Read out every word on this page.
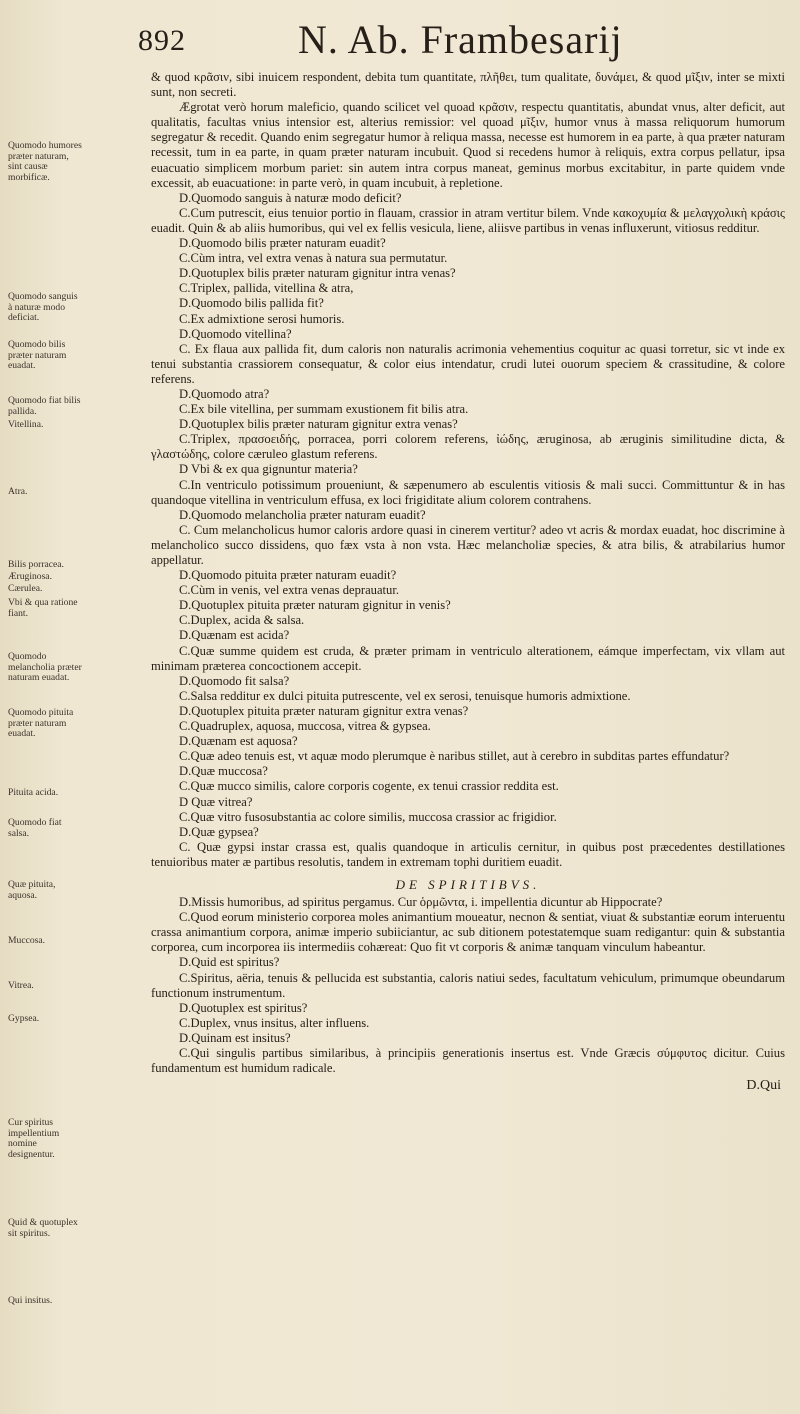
892	N. Ab. Frambesarij
Quomodo humores præter naturam, sint causæ morbificæ.
Quomodo sanguis à naturæ modo deficiat.
Quomodo bilis præter naturam euadat.
Quomodo fiat bilis pallida.
Vitellina.
Atra.
Bilis porracea.
Æruginosa.
Cærulea.
Vbi & qua ratione fiant.
Quomodo melancholia præter naturam euadat.
Quomodo pituita præter naturam euadat.
Pituita acida.
Quomodo fiat salsa.
Quæ pituita, aquosa.
Muccosa.
Vitrea.
Gypsea.
Cur spiritus impellentium nomine designentur.
Quid & quotuplex sit spiritus.
Qui insitus.

& quod κρᾶσιν, sibi inuicem respondent, debita tum quantitate, πλῆθει, tum qualitate, δυνάμει, & quod μῖξιν, inter se mixti sunt, non secreti.

Ægrotat verò horum maleficio, quando scilicet vel quoad κρᾶσιν, respectu quantitatis, abundat vnus, alter deficit, aut qualitatis, facultas vnius intensior est, alterius remissior: vel quoad μῖξιν, humor vnus à massa reliquorum humorum segregatur & recedit. Quando enim segregatur humor à reliqua massa, necesse est humorem in ea parte, à qua præter naturam recessit, tum in ea parte, in quam præter naturam incubuit. Quod si recedens humor à reliquis, extra corpus pellatur, ipsa euacuatio simplicem morbum pariet: sin autem intra corpus maneat, geminus morbus excitabitur, in parte quidem vnde excessit, ab euacuatione: in parte verò, in quam incubuit, à repletione.

D.Quomodo sanguis à naturæ modo deficit?

C.Cum putrescit, eius tenuior portio in flauam, crassior in atram vertitur bilem. Vnde κακοχυμία & μελαγχολικὴ κράσις euadit. Quin & ab aliis humoribus, qui vel ex fellis vesicula, liene, aliisve partibus in venas influxerunt, vitiosus redditur.

D.Quomodo bilis præter naturam euadit?

C.Cùm intra, vel extra venas à natura sua permutatur.

D.Quotuplex bilis præter naturam gignitur intra venas?

C.Triplex, pallida, vitellina & atra,

D.Quomodo bilis pallida fit?

C.Ex admixtione serosi humoris.

D.Quomodo vitellina?

C. Ex flaua aux pallida fit, dum caloris non naturalis acrimonia vehementius coquitur ac quasi torretur, sic vt inde ex tenui substantia crassiorem consequatur, & color eius intendatur, crudi lutei ouorum speciem & crassitudine, & colore referens.

D.Quomodo atra?

C.Ex bile vitellina, per summam exustionem fit bilis atra.

D.Quotuplex bilis præter naturam gignitur extra venas?

C.Triplex, πρασοειδής, porracea, porri colorem referens, ἰώδης, æruginosa, ab æruginis similitudine dicta, & γλαστώδης, colore cæruleo glastum referens.

D Vbi & ex qua gignuntur materia?

C.In ventriculo potissimum proueniunt, & sæpenumero ab esculentis vitiosis & mali succi. Committuntur & in has quandoque vitellina in ventriculum effusa, ex loci frigiditate alium colorem contrahens.

D.Quomodo melancholia præter naturam euadit?

C. Cum melancholicus humor caloris ardore quasi in cinerem vertitur? adeo vt acris & mordax euadat, hoc discrimine à melancholico succo dissidens, quo fæx vsta à non vsta. Hæc melancholiæ species, & atra bilis, & atrabilarius humor appellatur.

D.Quomodo pituita præter naturam euadit?

C.Cùm in venis, vel extra venas deprauatur.

D.Quotuplex pituita præter naturam gignitur in venis?

C.Duplex, acida & salsa.

D.Quænam est acida?

C.Quæ summe quidem est cruda, & præter primam in ventriculo alterationem, eámque imperfectam, vix vllam aut minimam præterea concoctionem accepit.

D.Quomodo fit salsa?

C.Salsa redditur ex dulci pituita putrescente, vel ex serosi, tenuisque humoris admixtione.

D.Quotuplex pituita præter naturam gignitur extra venas?

C.Quadruplex, aquosa, muccosa, vitrea & gypsea.

D.Quænam est aquosa?

C.Quæ adeo tenuis est, vt aquæ modo plerumque è naribus stillet, aut à cerebro in subditas partes effundatur?

D.Quæ muccosa?

C.Quæ mucco similis, calore corporis cogente, ex tenui crassior reddita est.

D Quæ vitrea?

C.Quæ vitro fusosubstantia ac colore similis, muccosa crassior ac frigidior.

D.Quæ gypsea?

C. Quæ gypsi instar crassa est, qualis quandoque in articulis cernitur, in quibus post præcedentes destillationes tenuioribus mater æ partibus resolutis, tandem in extremam tophi duritiem euadit.

DE SPIRITIBVS.

D.Missis humoribus, ad spiritus pergamus. Cur ὁρμῶντα, i. impellentia dicuntur ab Hippocrate?

C.Quod eorum ministerio corporea moles animantium moueatur, necnon & sentiat, viuat & substantiæ eorum interuentu crassa animantium corpora, animæ imperio subiiciantur, ac sub ditionem potestatemque suam redigantur: quin & substantia corporea, cum incorporea iis intermediis cohæreat: Quo fit vt corporis & animæ tanquam vinculum habeantur.

D.Quid est spiritus?

C.Spiritus, aëria, tenuis & pellucida est substantia, caloris natiui sedes, facultatum vehiculum, primumque obeundarum functionum instrumentum.

D.Quotuplex est spiritus?

C.Duplex, vnus insitus, alter influens.

D.Quinam est insitus?

C.Qui singulis partibus similaribus, à principiis generationis insertus est. Vnde Græcis σύμφυτος dicitur. Cuius fundamentum est humidum radicale.

D.Qui
